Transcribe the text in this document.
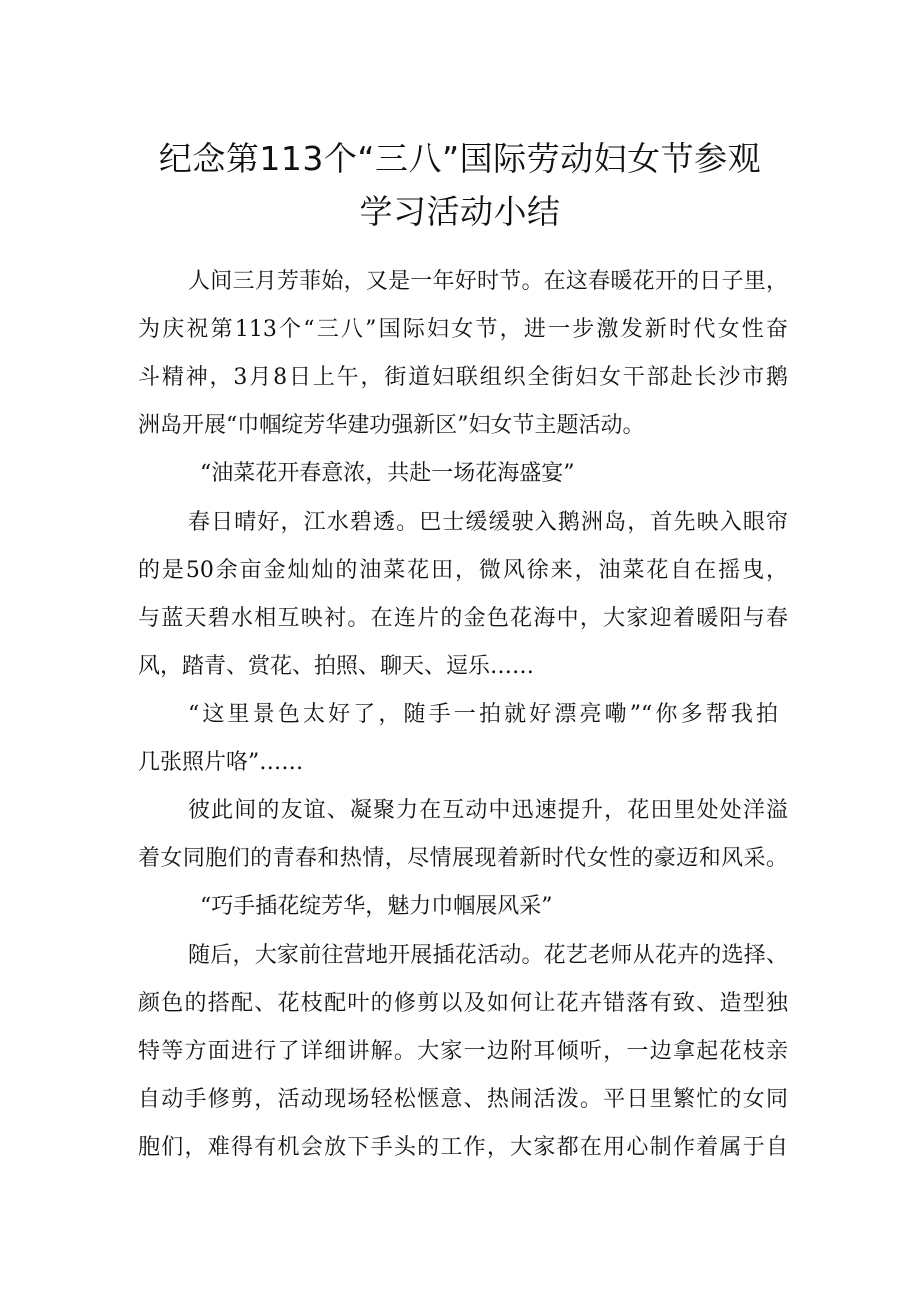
纪念第113个“三八”国际劳动妇女节参观
学习活动小结
人间三月芳菲始，又是一年好时节。在这春暖花开的日子里，
为庆祝第113个“三八”国际妇女节，进一步激发新时代女性奋
斗精神，3月8日上午，街道妇联组织全街妇女干部赴长沙市鹅
洲岛开展“巾帼绽芳华建功强新区”妇女节主题活动。
“油菜花开春意浓，共赴一场花海盛宴”
春日晴好，江水碧透。巴士缓缓驶入鹅洲岛，首先映入眼帘
的是50余亩金灿灿的油菜花田，微风徐来，油菜花自在摇曳，
与蓝天碧水相互映衬。在连片的金色花海中，大家迎着暖阳与春
风，踏青、赏花、拍照、聊天、逗乐……
“这里景色太好了，随手一拍就好漂亮嘞”“你多帮我拍
几张照片咯”……
彼此间的友谊、凝聚力在互动中迅速提升，花田里处处洋溢
着女同胞们的青春和热情，尽情展现着新时代女性的豪迈和风采。
“巧手插花绽芳华，魅力巾帼展风采”
随后，大家前往营地开展插花活动。花艺老师从花卉的选择、
颜色的搭配、花枝配叶的修剪以及如何让花卉错落有致、造型独
特等方面进行了详细讲解。大家一边附耳倾听，一边拿起花枝亲
自动手修剪，活动现场轻松惬意、热闹活泼。平日里繁忙的女同
胞们，难得有机会放下手头的工作，大家都在用心制作着属于自
